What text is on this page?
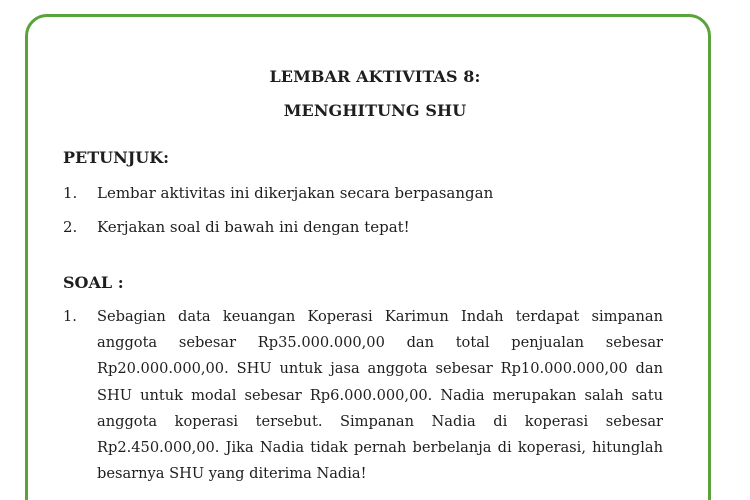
LEMBAR AKTIVITAS 8:
MENGHITUNG SHU
PETUNJUK:
1.	Lembar aktivitas ini dikerjakan secara berpasangan
2.	Kerjakan soal di bawah ini dengan tepat!
SOAL :
1.	Sebagian data keuangan Koperasi Karimun Indah terdapat simpanan anggota sebesar Rp35.000.000,00 dan total penjualan sebesar Rp20.000.000,00. SHU untuk jasa anggota sebesar Rp10.000.000,00 dan SHU untuk modal sebesar Rp6.000.000,00. Nadia merupakan salah satu anggota koperasi tersebut. Simpanan Nadia di koperasi sebesar Rp2.450.000,00. Jika Nadia tidak pernah berbelanja di koperasi, hitunglah besarnya SHU yang diterima Nadia!
